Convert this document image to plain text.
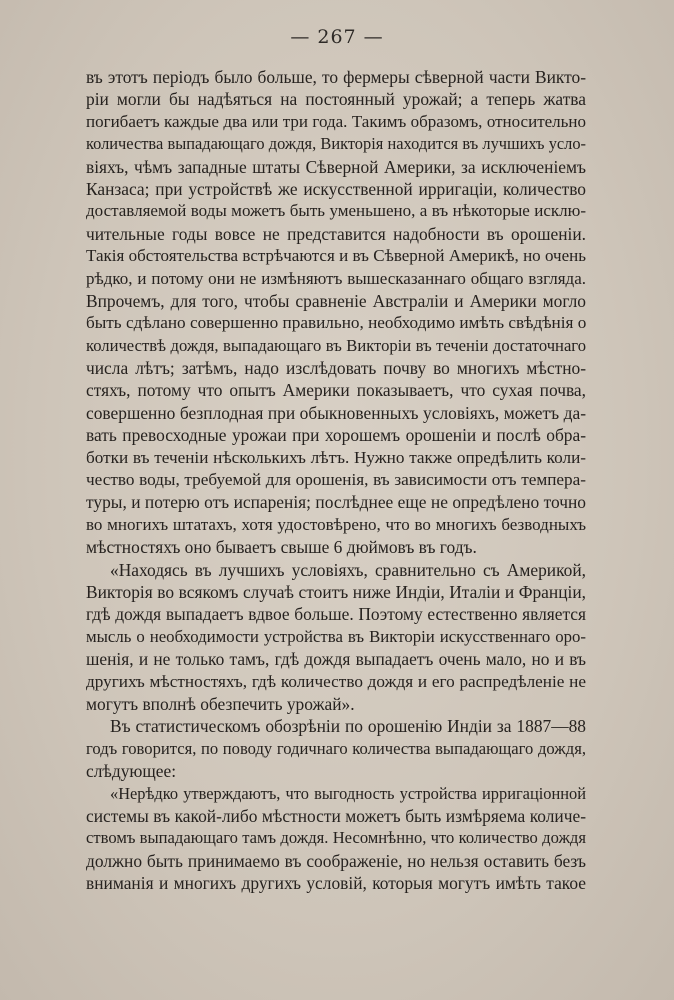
— 267 —
въ этотъ періодъ было больше, то фермеры сѣверной части Викто-
ріи могли бы надѣяться на постоянный урожай; а теперь жатва
погибаетъ каждые два или три года. Такимъ образомъ, относительно
количества выпадающаго дождя, Викторія находится въ лучшихъ усло-
віяхъ, чѣмъ западные штаты Сѣверной Америки, за исключеніемъ
Канзаса; при устройствѣ же искусственной ирригаціи, количество
доставляемой воды можетъ быть уменьшено, а въ нѣкоторые исклю-
чительные годы вовсе не представится надобности въ орошеніи.
Такія обстоятельства встрѣчаются и въ Сѣверной Америкѣ, но очень
рѣдко, и потому они не измѣняютъ вышесказаннаго общаго взгляда.
Впрочемъ, для того, чтобы сравненіе Австраліи и Америки могло
быть сдѣлано совершенно правильно, необходимо имѣть свѣдѣнія о
количествѣ дождя, выпадающаго въ Викторіи въ теченіи достаточнаго
числа лѣтъ; затѣмъ, надо изслѣдовать почву во многихъ мѣстно-
стяхъ, потому что опытъ Америки показываетъ, что сухая почва,
совершенно безплодная при обыкновенныхъ условіяхъ, можетъ да-
вать превосходные урожаи при хорошемъ орошеніи и послѣ обра-
ботки въ теченіи нѣсколькихъ лѣтъ. Нужно также опредѣлить коли-
чество воды, требуемой для орошенія, въ зависимости отъ темпера-
туры, и потерю отъ испаренія; послѣднее еще не опредѣлено точно
во многихъ штатахъ, хотя удостовѣрено, что во многихъ безводныхъ
мѣстностяхъ оно бываетъ свыше 6 дюймовъ въ годъ.
«Находясь въ лучшихъ условіяхъ, сравнительно съ Америкой,
Викторія во всякомъ случаѣ стоитъ ниже Индіи, Италіи и Франціи,
гдѣ дождя выпадаетъ вдвое больше. Поэтому естественно является
мысль о необходимости устройства въ Викторіи искусственнаго оро-
шенія, и не только тамъ, гдѣ дождя выпадаетъ очень мало, но и въ
другихъ мѣстностяхъ, гдѣ количество дождя и его распредѣленіе не
могутъ вполнѣ обезпечить урожай».
Въ статистическомъ обозрѣніи по орошенію Индіи за 1887—88
годъ говорится, по поводу годичнаго количества выпадающаго дождя,
слѣдующее:
«Нерѣдко утверждаютъ, что выгодность устройства ирригаціонной
системы въ какой-либо мѣстности можетъ быть измѣряема количе-
ствомъ выпадающаго тамъ дождя. Несомнѣнно, что количество дождя
должно быть принимаемо въ соображеніе, но нельзя оставить безъ
вниманія и многихъ другихъ условій, которыя могутъ имѣть такое
